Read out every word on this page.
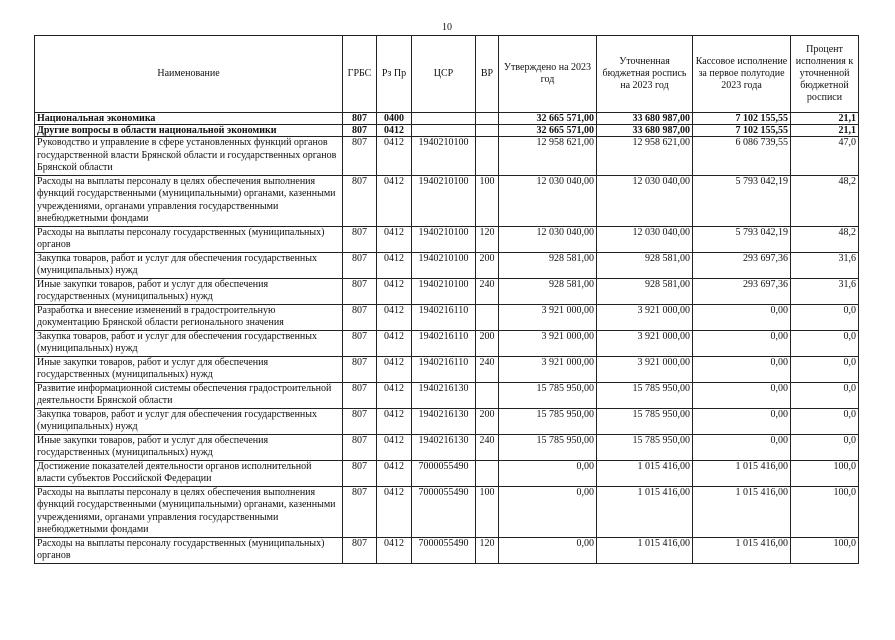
10
Наименование	ГРБС	Рз Пр	ЦСР	ВР	Утверждено на 2023 год	Уточненная бюджетная роспись на 2023 год	Кассовое исполнение за первое полугодие 2023 года	Процент исполнения к уточненной бюджетной росписи
Национальная экономика	807	0400			32 665 571,00	33 680 987,00	7 102 155,55	21,1
Другие вопросы в области национальной экономики	807	0412			32 665 571,00	33 680 987,00	7 102 155,55	21,1
Руководство и управление в сфере установленных функций органов государственной власти Брянской области и государственных органов Брянской области	807	0412	1940210100		12 958 621,00	12 958 621,00	6 086 739,55	47,0
Расходы на выплаты персоналу в целях обеспечения выполнения функций государственными (муниципальными) органами, казенными учреждениями, органами управления государственными внебюджетными фондами	807	0412	1940210100	100	12 030 040,00	12 030 040,00	5 793 042,19	48,2
Расходы на выплаты персоналу государственных (муниципальных) органов	807	0412	1940210100	120	12 030 040,00	12 030 040,00	5 793 042,19	48,2
Закупка товаров, работ и услуг для обеспечения государственных (муниципальных) нужд	807	0412	1940210100	200	928 581,00	928 581,00	293 697,36	31,6
Иные закупки товаров, работ и услуг для обеспечения государственных (муниципальных) нужд	807	0412	1940210100	240	928 581,00	928 581,00	293 697,36	31,6
Разработка и внесение изменений в градостроительную документацию Брянской области регионального значения	807	0412	1940216110		3 921 000,00	3 921 000,00	0,00	0,0
Закупка товаров, работ и услуг для обеспечения государственных (муниципальных) нужд	807	0412	1940216110	200	3 921 000,00	3 921 000,00	0,00	0,0
Иные закупки товаров, работ и услуг для обеспечения государственных (муниципальных) нужд	807	0412	1940216110	240	3 921 000,00	3 921 000,00	0,00	0,0
Развитие информационной системы обеспечения градостроительной деятельности Брянской области	807	0412	1940216130		15 785 950,00	15 785 950,00	0,00	0,0
Закупка товаров, работ и услуг для обеспечения государственных (муниципальных) нужд	807	0412	1940216130	200	15 785 950,00	15 785 950,00	0,00	0,0
Иные закупки товаров, работ и услуг для обеспечения государственных (муниципальных) нужд	807	0412	1940216130	240	15 785 950,00	15 785 950,00	0,00	0,0
Достижение показателей деятельности органов исполнительной власти субъектов Российской Федерации	807	0412	7000055490		0,00	1 015 416,00	1 015 416,00	100,0
Расходы на выплаты персоналу в целях обеспечения выполнения функций государственными (муниципальными) органами, казенными учреждениями, органами управления государственными внебюджетными фондами	807	0412	7000055490	100	0,00	1 015 416,00	1 015 416,00	100,0
Расходы на выплаты персоналу государственных (муниципальных) органов	807	0412	7000055490	120	0,00	1 015 416,00	1 015 416,00	100,0
